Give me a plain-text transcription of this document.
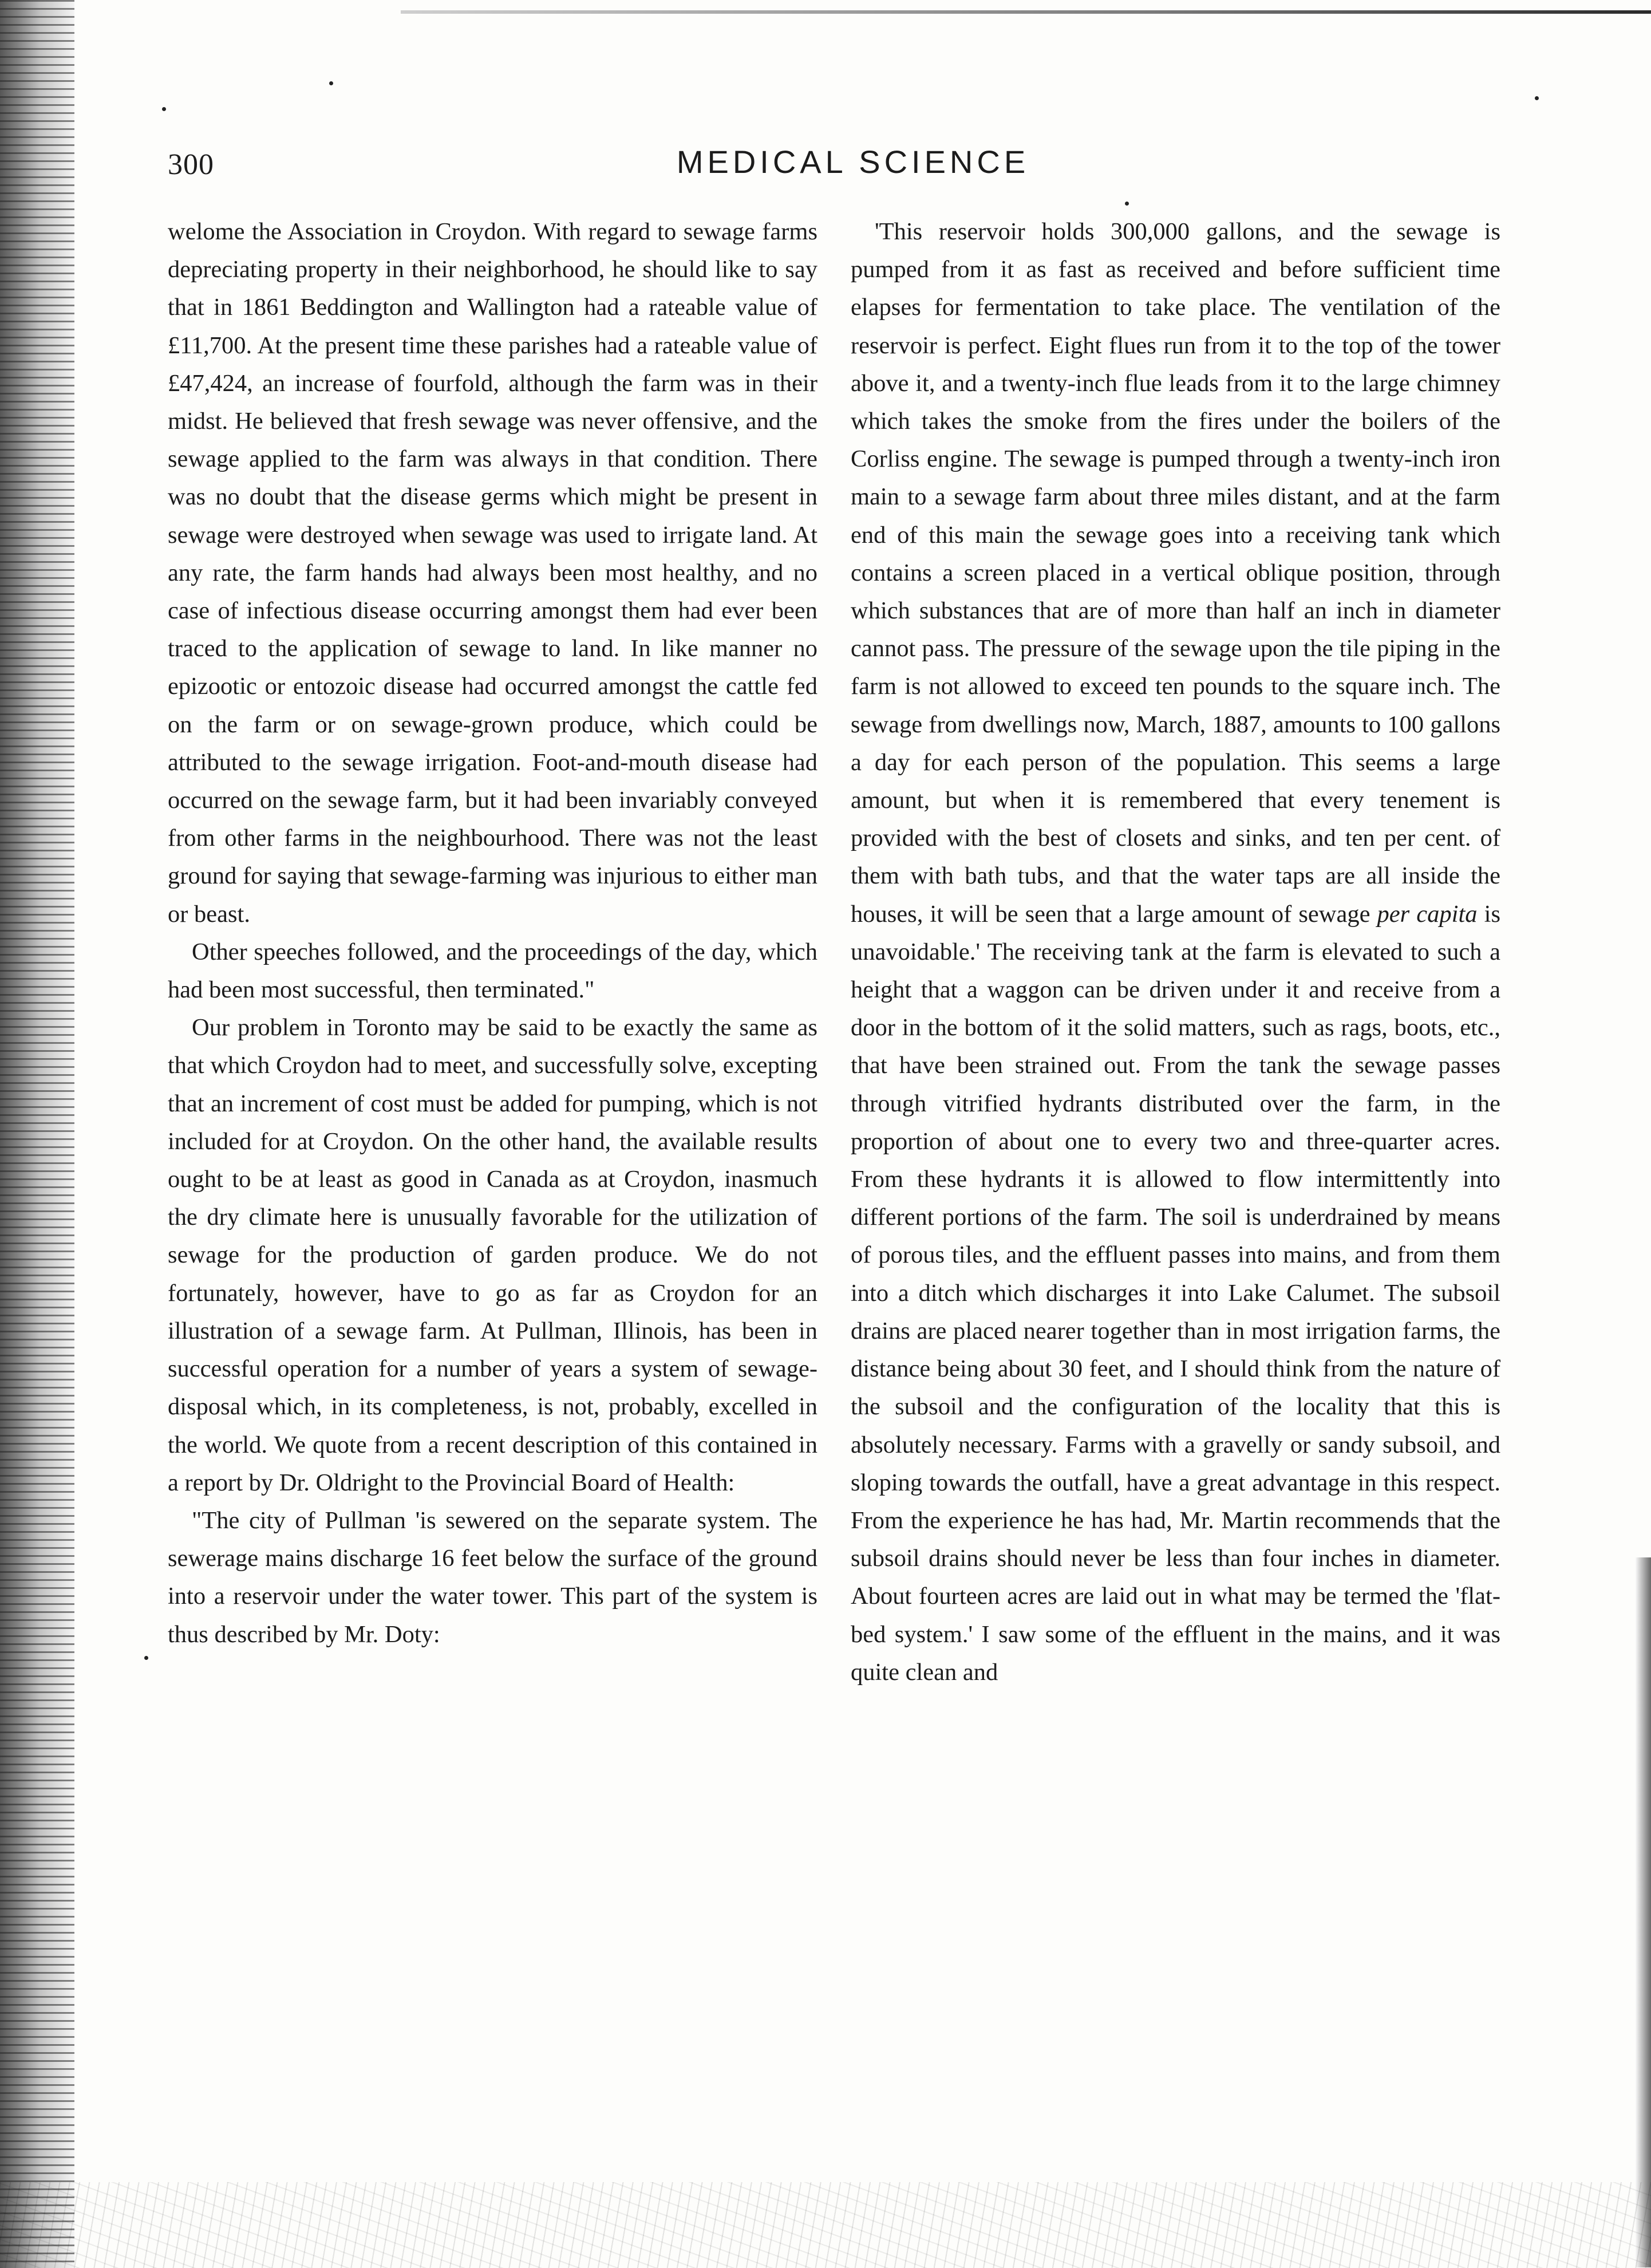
300	MEDICAL SCIENCE

welome the Association in Croydon. With regard to sewage farms depreciating property in their neighborhood, he should like to say that in 1861 Beddington and Wallington had a rateable value of £11,700. At the present time these parishes had a rateable value of £47,424, an increase of fourfold, although the farm was in their midst. He believed that fresh sewage was never offensive, and the sewage applied to the farm was always in that condition. There was no doubt that the disease germs which might be present in sewage were destroyed when sewage was used to irrigate land. At any rate, the farm hands had always been most healthy, and no case of infectious disease occurring amongst them had ever been traced to the application of sewage to land. In like manner no epizootic or entozoic disease had occurred amongst the cattle fed on the farm or on sewage-grown produce, which could be attributed to the sewage irrigation. Foot-and-mouth disease had occurred on the sewage farm, but it had been invariably conveyed from other farms in the neighbourhood. There was not the least ground for saying that sewage-farming was injurious to either man or beast.

Other speeches followed, and the proceedings of the day, which had been most successful, then terminated."

Our problem in Toronto may be said to be exactly the same as that which Croydon had to meet, and successfully solve, excepting that an increment of cost must be added for pumping, which is not included for at Croydon. On the other hand, the available results ought to be at least as good in Canada as at Croydon, inasmuch the dry climate here is unusually favorable for the utilization of sewage for the production of garden produce. We do not fortunately, however, have to go as far as Croydon for an illustration of a sewage farm. At Pullman, Illinois, has been in successful operation for a number of years a system of sewage-disposal which, in its completeness, is not, probably, excelled in the world. We quote from a recent description of this contained in a report by Dr. Oldright to the Provincial Board of Health:

"The city of Pullman 'is sewered on the separate system. The sewerage mains discharge 16 feet below the surface of the ground into a reservoir under the water tower. This part of the system is thus described by Mr. Doty:

'This reservoir holds 300,000 gallons, and the sewage is pumped from it as fast as received and before sufficient time elapses for fermentation to take place. The ventilation of the reservoir is perfect. Eight flues run from it to the top of the tower above it, and a twenty-inch flue leads from it to the large chimney which takes the smoke from the fires under the boilers of the Corliss engine. The sewage is pumped through a twenty-inch iron main to a sewage farm about three miles distant, and at the farm end of this main the sewage goes into a receiving tank which contains a screen placed in a vertical oblique position, through which substances that are of more than half an inch in diameter cannot pass. The pressure of the sewage upon the tile piping in the farm is not allowed to exceed ten pounds to the square inch. The sewage from dwellings now, March, 1887, amounts to 100 gallons a day for each person of the population. This seems a large amount, but when it is remembered that every tenement is provided with the best of closets and sinks, and ten per cent. of them with bath tubs, and that the water taps are all inside the houses, it will be seen that a large amount of sewage per capita is unavoidable.' The receiving tank at the farm is elevated to such a height that a waggon can be driven under it and receive from a door in the bottom of it the solid matters, such as rags, boots, etc., that have been strained out. From the tank the sewage passes through vitrified hydrants distributed over the farm, in the proportion of about one to every two and three-quarter acres. From these hydrants it is allowed to flow intermittently into different portions of the farm. The soil is underdrained by means of porous tiles, and the effluent passes into mains, and from them into a ditch which discharges it into Lake Calumet. The subsoil drains are placed nearer together than in most irrigation farms, the distance being about 30 feet, and I should think from the nature of the subsoil and the configuration of the locality that this is absolutely necessary. Farms with a gravelly or sandy subsoil, and sloping towards the outfall, have a great advantage in this respect. From the experience he has had, Mr. Martin recommends that the subsoil drains should never be less than four inches in diameter. About fourteen acres are laid out in what may be termed the 'flat-bed system.' I saw some of the effluent in the mains, and it was quite clean and
